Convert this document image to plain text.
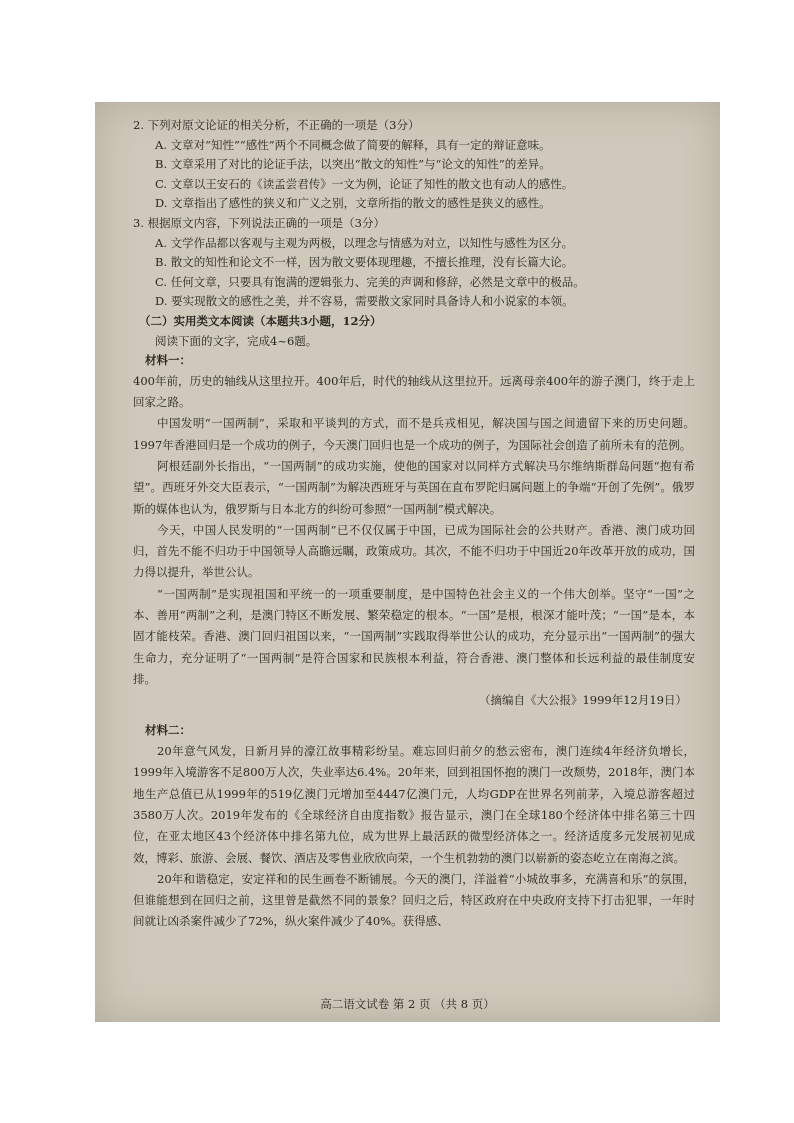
2. 下列对原文论证的相关分析，不正确的一项是（3分）
A. 文章对“知性”“感性”两个不同概念做了简要的解释，具有一定的辩证意味。
B. 文章采用了对比的论证手法，以突出“散文的知性”与“论文的知性”的差异。
C. 文章以王安石的《读孟尝君传》一文为例，论证了知性的散文也有动人的感性。
D. 文章指出了感性的狭义和广义之别，文章所指的散文的感性是狭义的感性。
3. 根据原文内容，下列说法正确的一项是（3分）
A. 文学作品都以客观与主观为两极，以理念与情感为对立，以知性与感性为区分。
B. 散文的知性和论文不一样，因为散文要体现理趣，不擅长推理，没有长篇大论。
C. 任何文章，只要具有饱满的逻辑张力、完美的声调和修辞，必然是文章中的极品。
D. 要实现散文的感性之美，并不容易，需要散文家同时具备诗人和小说家的本领。
（二）实用类文本阅读（本题共3小题，12分）
阅读下面的文字，完成4~6题。
材料一：
400年前，历史的轴线从这里拉开。400年后，时代的轴线从这里拉开。远离母亲400年的游子澳门，终于走上回家之路。
中国发明“一国两制”，采取和平谈判的方式，而不是兵戎相见，解决国与国之间遗留下来的历史问题。1997年香港回归是一个成功的例子，今天澳门回归也是一个成功的例子，为国际社会创造了前所未有的范例。
阿根廷副外长指出，“一国两制”的成功实施，使他的国家对以同样方式解决马尔维纳斯群岛问题“抱有希望”。西班牙外交大臣表示，“一国两制”为解决西班牙与英国在直布罗陀归属问题上的争端“开创了先例”。俄罗斯的媒体也认为，俄罗斯与日本北方的纠纷可参照“一国两制”模式解决。
今天，中国人民发明的“一国两制”已不仅仅属于中国，已成为国际社会的公共财产。香港、澳门成功回归，首先不能不归功于中国领导人高瞻远瞩，政策成功。其次，不能不归功于中国近20年改革开放的成功，国力得以提升，举世公认。
“一国两制”是实现祖国和平统一的一项重要制度，是中国特色社会主义的一个伟大创举。坚守“一国”之本、善用“两制”之利，是澳门特区不断发展、繁荣稳定的根本。“一国”是根，根深才能叶茂；“一国”是本，本固才能枝荣。香港、澳门回归祖国以来，“一国两制”实践取得举世公认的成功，充分显示出“一国两制”的强大生命力，充分证明了“一国两制”是符合国家和民族根本利益，符合香港、澳门整体和长远利益的最佳制度安排。
（摘编自《大公报》1999年12月19日）
材料二：
20年意气风发，日新月异的濠江故事精彩纷呈。难忘回归前夕的愁云密布，澳门连续4年经济负增长，1999年入境游客不足800万人次，失业率达6.4%。20年来，回到祖国怀抱的澳门一改颓势，2018年，澳门本地生产总值已从1999年的519亿澳门元增加至4447亿澳门元，人均GDP在世界名列前茅，入境总游客超过3580万人次。2019年发布的《全球经济自由度指数》报告显示，澳门在全球180个经济体中排名第三十四位，在亚太地区43个经济体中排名第九位，成为世界上最活跃的微型经济体之一。经济适度多元发展初见成效，博彩、旅游、会展、餐饮、酒店及零售业欣欣向荣，一个生机勃勃的澳门以崭新的姿态屹立在南海之滨。
20年和谐稳定，安定祥和的民生画卷不断铺展。今天的澳门，洋溢着“小城故事多，充满喜和乐”的氛围，但谁能想到在回归之前，这里曾是截然不同的景象？回归之后，特区政府在中央政府支持下打击犯罪，一年时间就让凶杀案件减少了72%，纵火案件减少了40%。获得感、
高二语文试卷 第 2 页 （共 8 页）
